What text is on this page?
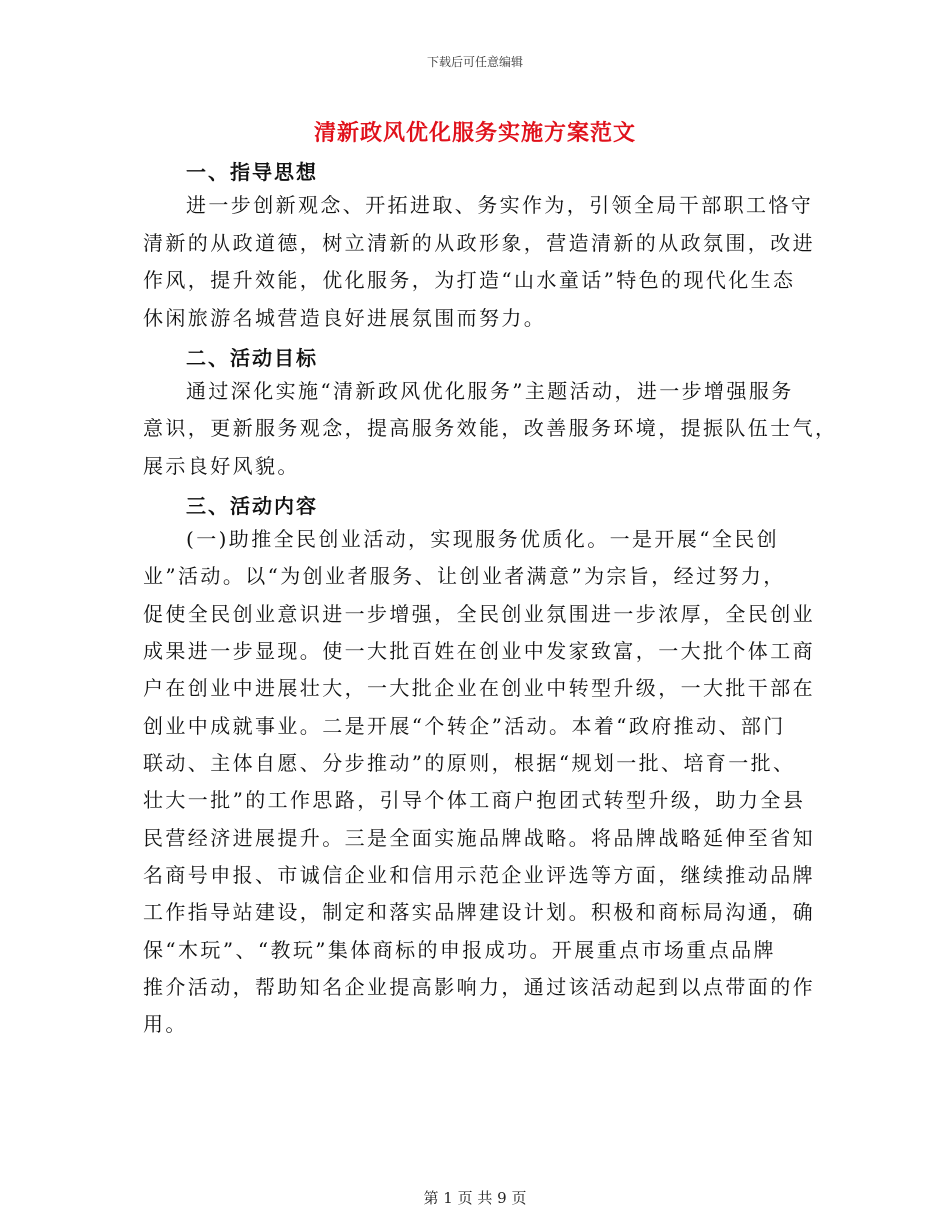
下载后可任意编辑
清新政风优化服务实施方案范文
一、指导思想
进一步创新观念、开拓进取、务实作为，引领全局干部职工恪守
清新的从政道德，树立清新的从政形象，营造清新的从政氛围，改进
作风，提升效能，优化服务，为打造“山水童话”特色的现代化生态
休闲旅游名城营造良好进展氛围而努力。
二、活动目标
通过深化实施“清新政风优化服务”主题活动，进一步增强服务
意识，更新服务观念，提高服务效能，改善服务环境，提振队伍士气，
展示良好风貌。
三、活动内容
(一)助推全民创业活动，实现服务优质化。一是开展“全民创
业”活动。以“为创业者服务、让创业者满意”为宗旨，经过努力，
促使全民创业意识进一步增强，全民创业氛围进一步浓厚，全民创业
成果进一步显现。使一大批百姓在创业中发家致富，一大批个体工商
户在创业中进展壮大，一大批企业在创业中转型升级，一大批干部在
创业中成就事业。二是开展“个转企”活动。本着“政府推动、部门
联动、主体自愿、分步推动”的原则，根据“规划一批、培育一批、
壮大一批”的工作思路，引导个体工商户抱团式转型升级，助力全县
民营经济进展提升。三是全面实施品牌战略。将品牌战略延伸至省知
名商号申报、市诚信企业和信用示范企业评选等方面，继续推动品牌
工作指导站建设，制定和落实品牌建设计划。积极和商标局沟通，确
保“木玩”、“教玩”集体商标的申报成功。开展重点市场重点品牌
推介活动，帮助知名企业提高影响力，通过该活动起到以点带面的作
用。
第 1 页 共 9 页
